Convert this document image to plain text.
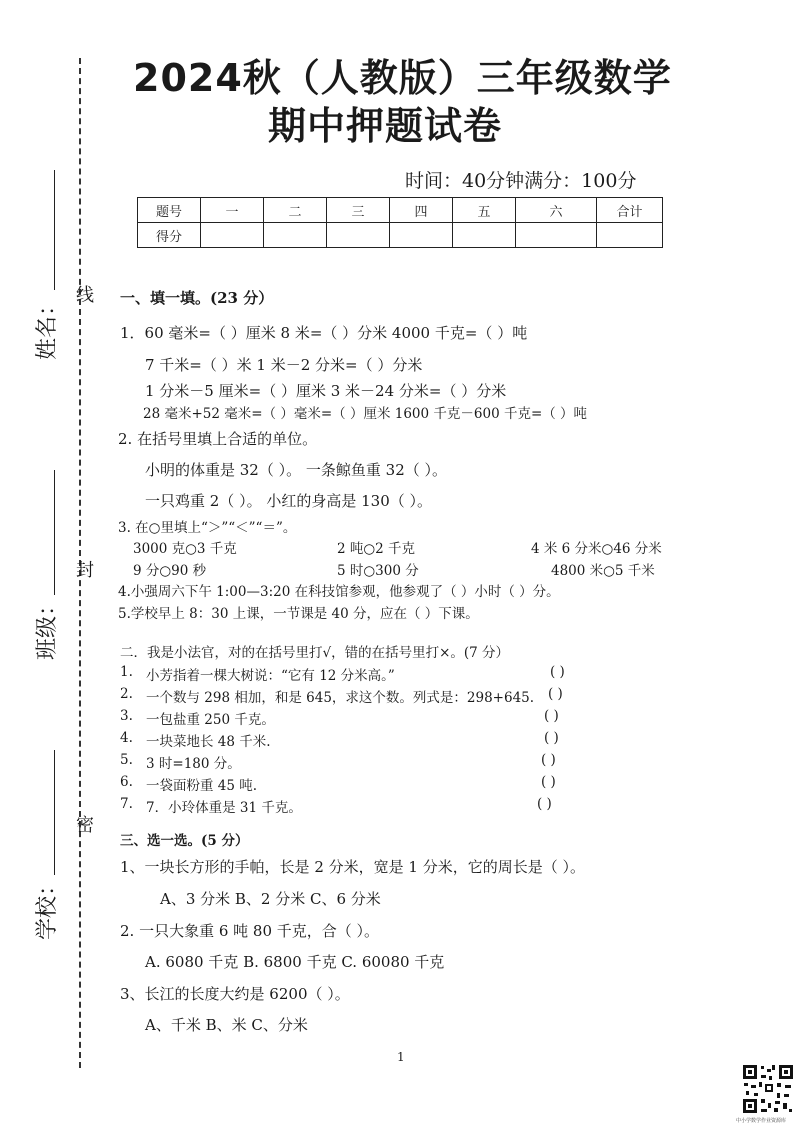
线
封
密
姓名：
班级：
学校：
2024秋（人教版）三年级数学
期中押题试卷
时间：40分钟满分：100分
题号	一	二	三	四	五	六	合计
得分							
一、填一填。(23 分）
1．60 毫米=（ ）厘米 8 米=（ ）分米 4000 千克=（ ）吨
7 千米=（ ）米 1 米－2 分米=（ ）分米
1 分米－5 厘米=（ ）厘米 3 米－24 分米=（ ）分米
28 毫米+52 毫米=（ ）毫米=（ ）厘米 1600 千克－600 千克=（ ）吨
2. 在括号里填上合适的单位。
小明的体重是 32（ ）。 一条鲸鱼重 32（ ）。
一只鸡重 2（ ）。 小红的身高是 130（ ）。
3. 在○里填上“＞”“＜”“＝”。
3000 克○3 千克	2 吨○2 千克	4 米 6 分米○46 分米
9 分○90 秒	5 时○300 分	4800 米○5 千米
4.小强周六下午 1:00—3:20 在科技馆参观，他参观了（ ）小时（ ）分。
5.学校早上 8：30 上课，一节课是 40 分，应在（ ）下课。
二．我是小法官，对的在括号里打√，错的在括号里打×。(7 分）
1. 小芳指着一棵大树说：“它有 12 分米高。”	( )
2. 一个数与 298 相加，和是 645，求这个数。列式是：298+645. ( )
3. 一包盐重 250 千克。	( )
4. 一块菜地长 48 千米.	( )
5. 3 时=180 分。	( )
6. 一袋面粉重 45 吨.	( )
7. 7．小玲体重是 31 千克。	( )
三、选一选。(5 分）
1、一块长方形的手帕，长是 2 分米，宽是 1 分米，它的周长是（ ）。
A、3 分米 B、2 分米 C、6 分米
2. 一只大象重 6 吨 80 千克，合（ ）。
A. 6080 千克 B. 6800 千克 C. 60080 千克
3、长江的长度大约是 6200（ ）。
A、千米 B、米 C、分米
1
中小学数学作业资源库
